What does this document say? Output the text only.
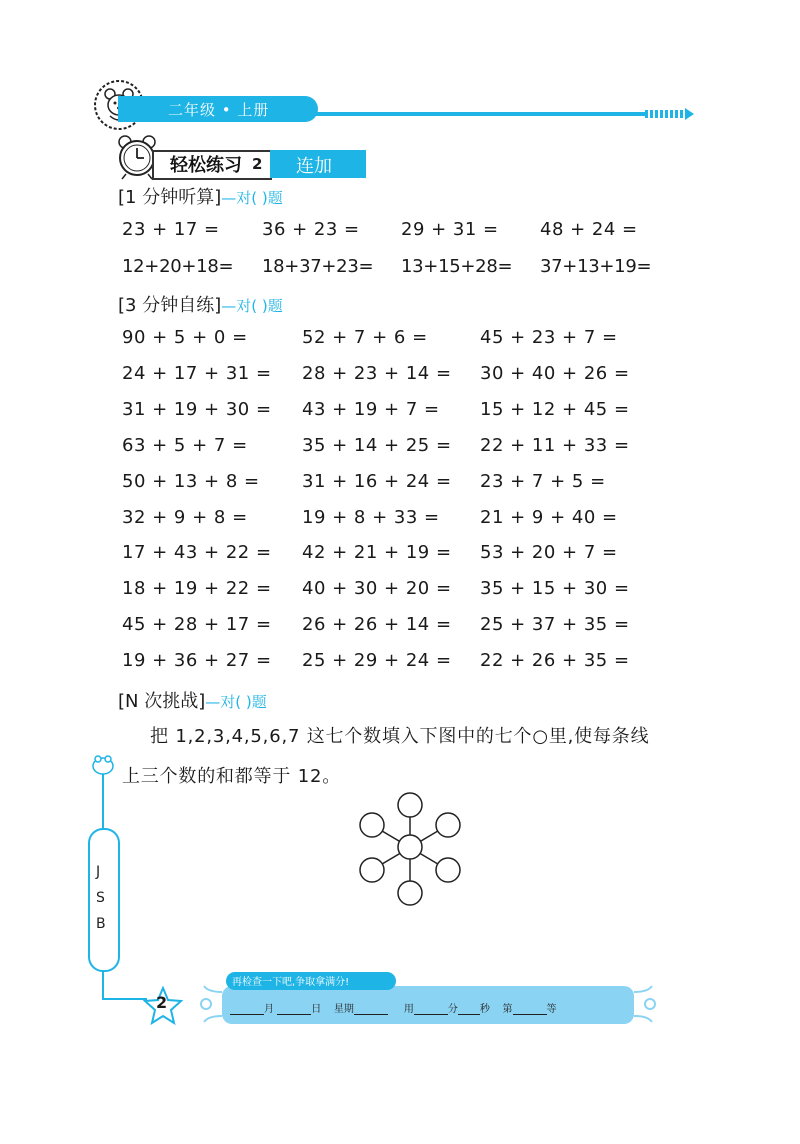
二年级 • 上册
轻松练习 2 连加
[1 分钟听算]—对( )题
23 + 17 = 36 + 23 = 29 + 31 = 48 + 24 =
12+20+18= 18+37+23= 13+15+28= 37+13+19=
[3 分钟自练]—对( )题
90 + 5 + 0 =	52 + 7 + 6 =	45 + 23 + 7 =
24 + 17 + 31 = 28 + 23 + 14 = 30 + 40 + 26 =
31 + 19 + 30 = 43 + 19 + 7 = 15 + 12 + 45 =
63 + 5 + 7 =	35 + 14 + 25 = 22 + 11 + 33 =
50 + 13 + 8 = 31 + 16 + 24 = 23 + 7 + 5 =
32 + 9 + 8 =	19 + 8 + 33 = 21 + 9 + 40 =
17 + 43 + 22 = 42 + 21 + 19 = 53 + 20 + 7 =
18 + 19 + 22 = 40 + 30 + 20 = 35 + 15 + 30 =
45 + 28 + 17 = 26 + 26 + 14 = 25 + 37 + 35 =
19 + 36 + 27 = 25 + 29 + 24 = 22 + 26 + 35 =
[N 次挑战]—对( )题
把 1,2,3,4,5,6,7 这七个数填入下图中的七个○里,使每条线
上三个数的和都等于 12。
J
S
B
2
再检查一下吧,争取拿满分!
月	日 星期	用	分 秒 第	等
